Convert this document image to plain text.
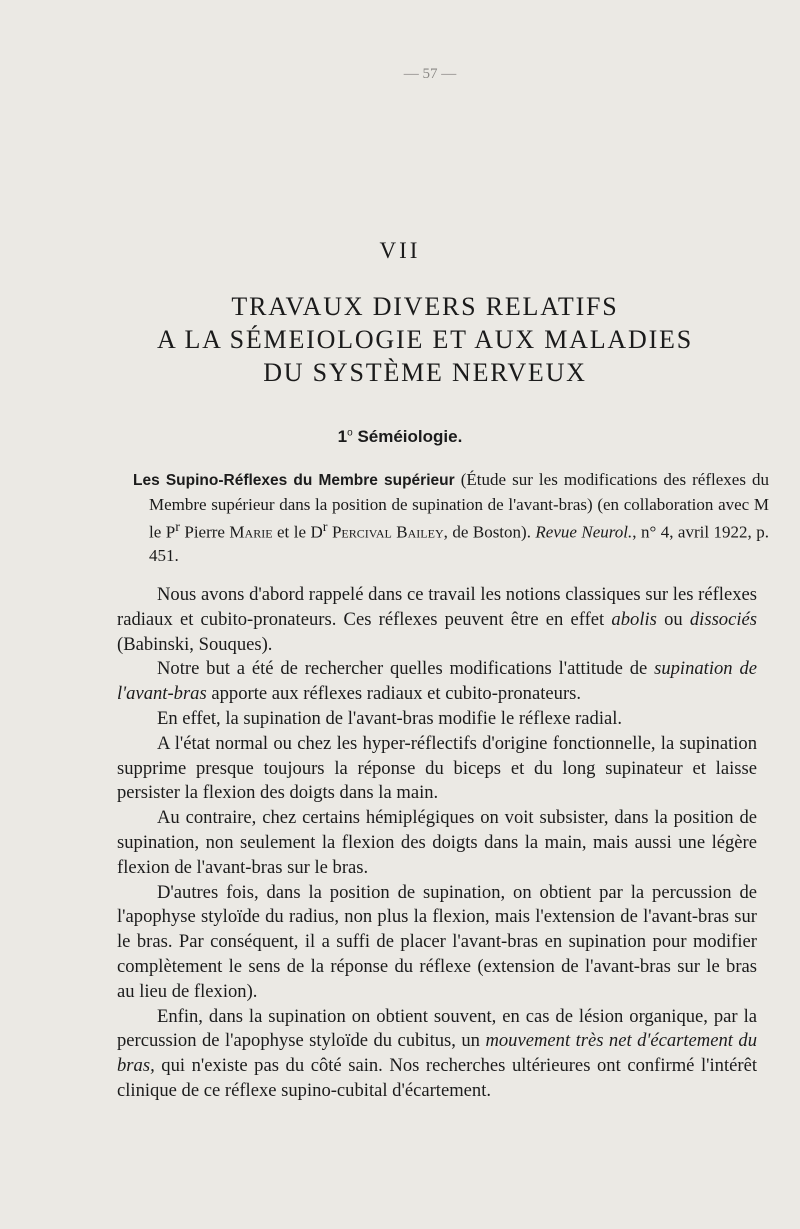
— 57 —
VII
TRAVAUX DIVERS RELATIFS
A LA SÉMEIOLOGIE ET AUX MALADIES
DU SYSTÈME NERVEUX
1$^o$ Séméiologie.
Les Supino-Réflexes du Membre supérieur (Étude sur les modifications des réflexes du Membre supérieur dans la position de supination de l'avant-bras) (en collaboration avec M le $P^r$ Pierre Marie et le $D^r$ Percival Bailey, de Boston). Revue Neurol., n° 4, avril 1922, p. 451.

Nous avons d'abord rappelé dans ce travail les notions classiques sur les réflexes radiaux et cubito-pronateurs. Ces réflexes peuvent être en effet abolis ou dissociés (Babinski, Souques).

Notre but a été de rechercher quelles modifications l'attitude de supination de l'avant-bras apporte aux réflexes radiaux et cubito-pronateurs.

En effet, la supination de l'avant-bras modifie le réflexe radial.

A l'état normal ou chez les hyper-réflectifs d'origine fonctionnelle, la supination supprime presque toujours la réponse du biceps et du long supinateur et laisse persister la flexion des doigts dans la main.

Au contraire, chez certains hémiplégiques on voit subsister, dans la position de supination, non seulement la flexion des doigts dans la main, mais aussi une légère flexion de l'avant-bras sur le bras.

D'autres fois, dans la position de supination, on obtient par la percussion de l'apophyse styloïde du radius, non plus la flexion, mais l'extension de l'avant-bras sur le bras. Par conséquent, il a suffi de placer l'avant-bras en supination pour modifier complètement le sens de la réponse du réflexe (extension de l'avant-bras sur le bras au lieu de flexion).

Enfin, dans la supination on obtient souvent, en cas de lésion organique, par la percussion de l'apophyse styloïde du cubitus, un mouvement très net d'écartement du bras, qui n'existe pas du côté sain. Nos recherches ultérieures ont confirmé l'intérêt clinique de ce réflexe supino-cubital d'écartement.
